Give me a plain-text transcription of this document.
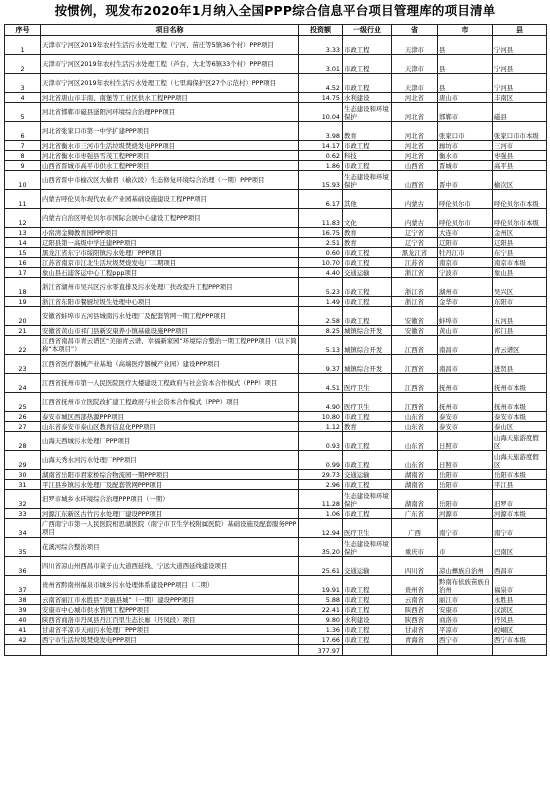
按惯例，现发布2020年1月纳入全国PPP综合信息平台项目管理库的项目清单
序号	项目名称	投资额	一级行业	省	市	县
1	天津市宁河区2019年农村生活污水处理工程（宁河、苗庄等5镇36个村）PPP项目	3.33	市政工程	天津市	县	宁河县
2	天津市宁河区2019年农村生活污水处理工程（芦台、大北等6镇33个村）PPP项目	3.01	市政工程	天津市	县	宁河县
3	天津市宁河区2019年农村生活污水处理工程（七里海保护区27个示范村）PPP项目	4.52	市政工程	天津市	县	宁河县
4	河北省唐山市丰南、南堡等工业区供水工程PPP项目	14.75	水利建设	河北省	唐山市	丰南区
5	河北省邯郸市磁县滏阳河环境综合治理PPP项目	10.04	生态建设和环境保护	河北省	邯郸市	磁县
6	河北省张家口市第一中学扩建PPP项目	3.98	教育	河北省	张家口市	张家口市市本级
7	河北省衡水市三河市生活垃圾焚烧发电PPP项目	14.17	市政工程	河北省	廊坊市	三河市
8	河北省衡水市枣强县雪茂工程PPP项目	0.62	科技	河北省	衡水市	枣强县
9	山西省晋城市高平市供水工程PPP项目	1.86	市政工程	山西省	晋城市	高平县
10	山西省晋中市榆次区大榆君（榆次段）生态修复环境综合治理（一期）PPP项目	15.93	生态建设和环境保护	山西省	晋中市	榆次区
11	内蒙古呼伦贝尔现代农业产业园基础设施建设工程PPP项目	6.17	其他	内蒙古	呼伦贝尔市	呼伦贝尔市本级
12	内蒙古自治区呼伦贝尔市国际会展中心建设工程PPP项目	11.83	文化	内蒙古	呼伦贝尔市	呼伦贝尔市本级
13	小窑湾金狮教育园PPP项目	16.75	教育	辽宁省	大连市	金州区
14	辽阳县第一高级中学迁建PPP项目	2.51	教育	辽宁省	辽阳市	辽阳县
15	黑龙江省东宁市绥阳镇污水处理厂PPP项目	0.60	市政工程	黑龙江省	牡丹江市	东宁县
16	江苏省南京市江北生活垃圾焚烧发电厂二期项目	10.70	市政工程	江苏省	南京市	南京市本级
17	象山县石浦客运中心工程ppp项目	4.40	交通运输	浙江省	宁波市	象山县
18	浙江省湖州市吴兴区污水零直排及污水处理厂扶改提升工程PPP项目	5.23	市政工程	浙江省	湖州市	吴兴区
19	浙江省东阳市餐厨垃圾生处理中心项目	1.49	市政工程	浙江省	金华市	东阳市
20	安徽省蚌埠市五河县城南污水处理厂及配套管网一期工程PPP项目	2.58	市政工程	安徽省	蚌埠市	五河县
21	安徽省黄山市祁门县新安康养小镇基础设施PPP项目	8.25	城镇综合开发	安徽省	黄山市	祁门县
22	江西省南昌市青云谱区“美丽青云谱、幸福新家园”环境综合整治一期工程PPP项目（以下简称“本项目”）	5.13	城镇综合开发	江西省	南昌市	青云谱区
23	江西省医疗器械产业基地（高端医疗器械产业园）建设PPP项目	9.37	城镇综合开发	江西省	南昌市	进贤县
24	江西省抚州市第一人民医院医疗大楼建设工程政府与社会资本合作模式（PPP）项目	4.51	医疗卫生	江西省	抚州市	抚州市本级
25	江西省抚州市立医院改扩建工程政府与社会资本合作模式（PPP）项目	4.90	医疗卫生	江西省	抚州市	抚州市本级
26	泰安市城区西部热源PPP项目	10.80	市政工程	山东省	泰安市	泰安市本级
27	山东省泰安市泰山区教育信息化PPP项目	1.12	教育	山东省	泰安市	泰山区
28	山海天西城污水处理厂PPP项目	0.93	市政工程	山东省	日照市	山海天旅游度假区
29	山海天秀水河污水处理厂PPP项目	0.99	市政工程	山东省	日照市	山海天旅游度假区
30	湖南省岳阳市君家桥综合物流园一期PPP项目	29.73	交通运输	湖南省	岳阳市	岳阳市本级
31	平江县乡镇污水处理厂及配套管网PPP项目	2.96	市政工程	湖南省	岳阳市	平江县
32	汨罗市城乡水环境综合治理PPP项目（一期）	11.28	生态建设和环境保护	湖南省	岳阳市	汨罗市
33	河源江东新区古竹污水处理厂建设PPP项目	1.06	市政工程	广东省	河源市	河源市本级
34	广西南宁市第一人民医院相思湖医院（南宁市卫生学校附属医院）基础设施及配套服务PPP项目	12.94	医疗卫生	广西	南宁市	南宁市
35	花溪河综合整治项目	35.20	生态建设和环境保护	重庆市	市	巴南区
36	四川省凉山州西昌市菜子山大道西延线、宁远大道西延线建设项目	25.61	交通运输	四川省	凉山彝族自治州	西昌市
37	贵州省黔南州福泉市城乡污水处理体系建设PPP项目（二期）	19.91	市政工程	贵州省	黔南布依族苗族自治州	福泉市
38	云南省丽江市永胜县“美丽县城”（一期）建设PPP项目	5.88	市政工程	云南省	丽江市	永胜县
39	安康市中心城市供水管网工程PPP项目	22.41	市政工程	陕西省	安康市	汉滨区
40	陕西省商洛市丹凤县丹江百里生态长廊（丹凤段）项目	9.80	水利建设	陕西省	商洛市	丹凤县
41	甘肃省平凉市天雨污水处理厂PPP项目	1.36	市政工程	甘肃省	平凉市	崆峒区
42	西宁市生活垃圾焚烧发电PPP项目	17.66	市政工程	青海省	西宁市	西宁市本级
		377.97				
